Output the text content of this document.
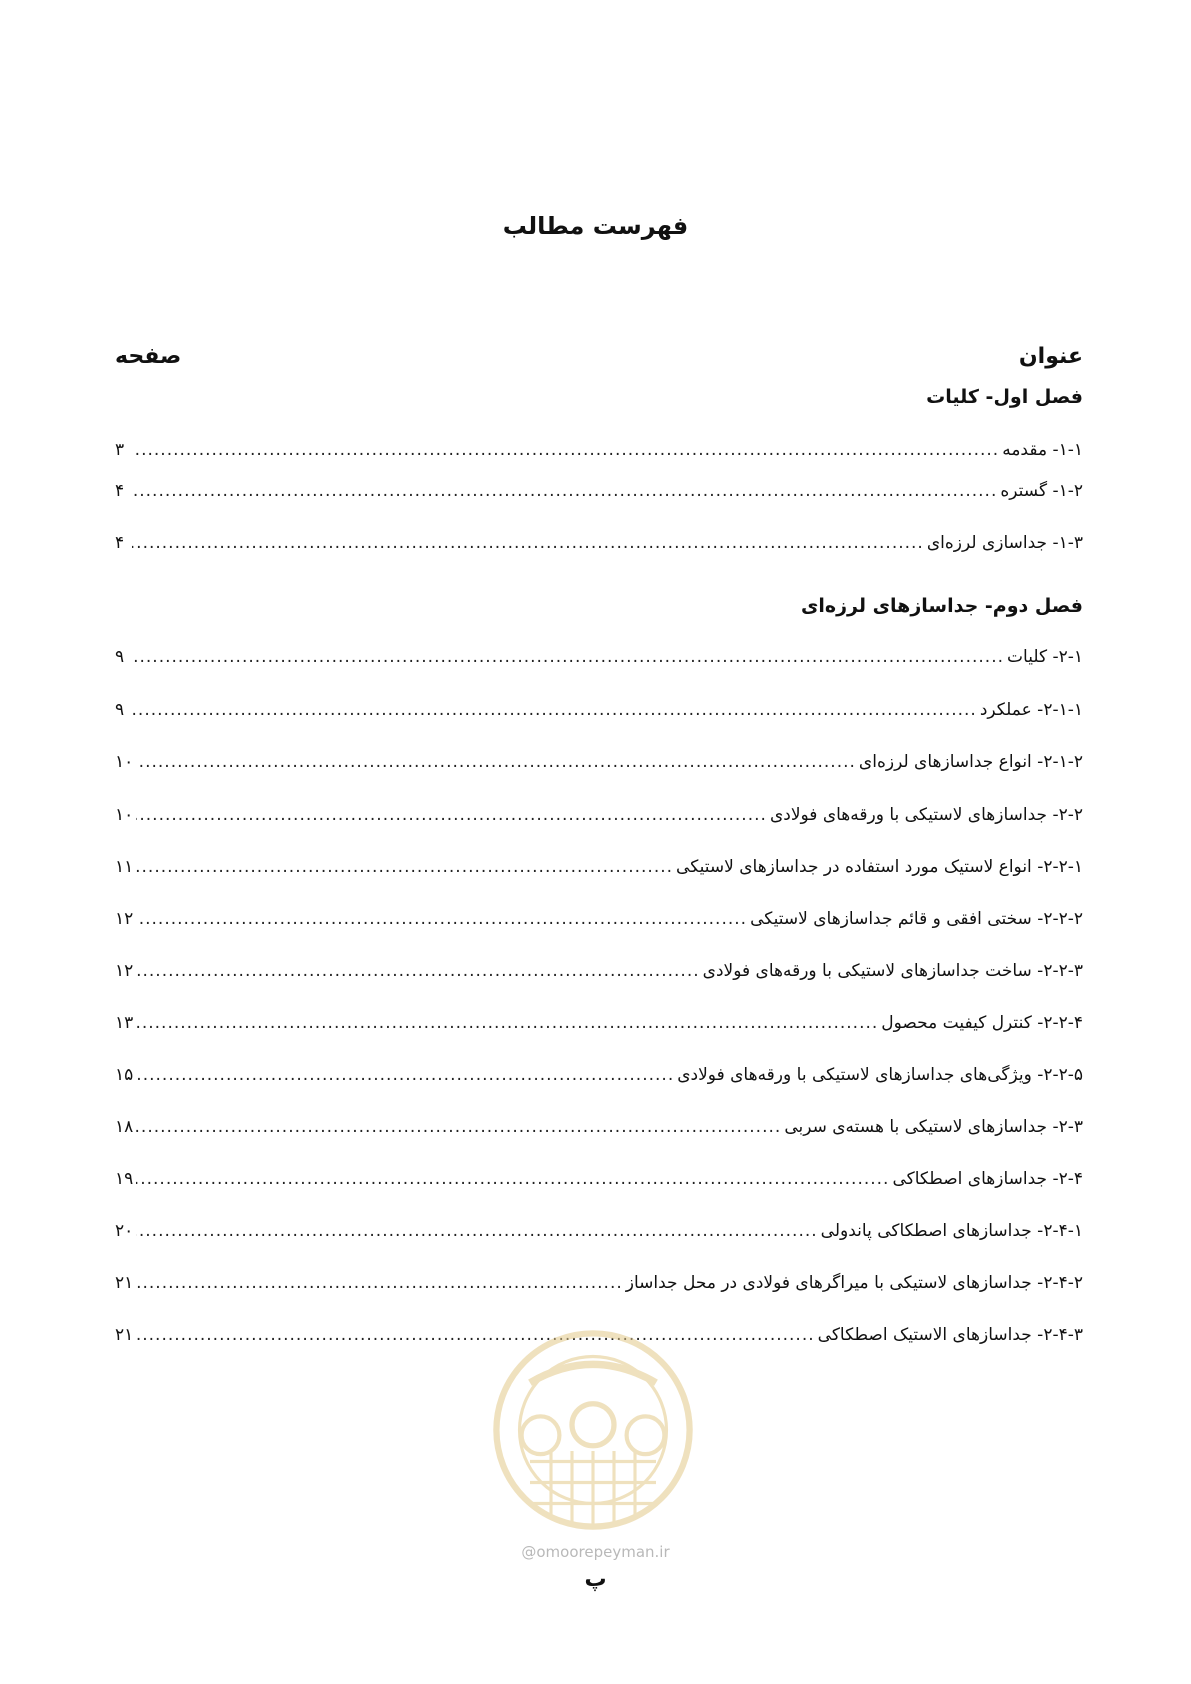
فهرست مطالب
عنوان
صفحه
فصل اول- کلیات
۱-۱- مقدمه
.....
۳
۱-۲- گستره
.....
۴
۱-۳- جداسازی لرزه‌ای
.....
۴
فصل دوم- جداسازهای لرزه‌ای
۲-۱- کلیات
.....
۹
۲-۱-۱- عملکرد
.....
۹
۲-۱-۲- انواع جداسازهای لرزه‌ای
.....
۱۰
۲-۲- جداسازهای لاستیکی با ورقه‌های فولادی
.....
۱۰
۲-۲-۱- انواع لاستیک مورد استفاده در جداسازهای لاستیکی
.....
۱۱
۲-۲-۲- سختی افقی و قائم جداسازهای لاستیکی
.....
۱۲
۲-۲-۳- ساخت جداسازهای لاستیکی با ورقه‌های فولادی
.....
۱۲
۲-۲-۴- کنترل کیفیت محصول
.....
۱۳
۲-۲-۵- ویژگی‌های جداسازهای لاستیکی با ورقه‌های فولادی
.....
۱۵
۲-۳- جداسازهای لاستیکی با هسته‌ی سربی
.....
۱۸
۲-۴- جداسازهای اصطکاکی
.....
۱۹
۲-۴-۱- جداسازهای اصطکاکی پاندولی
.....
۲۰
۲-۴-۲- جداسازهای لاستیکی با میراگرهای فولادی در محل جداساز
.....
۲۱
۲-۴-۳- جداسازهای الاستیک اصطکاکی
.....
۲۱
@omoorepeyman.ir
پ
